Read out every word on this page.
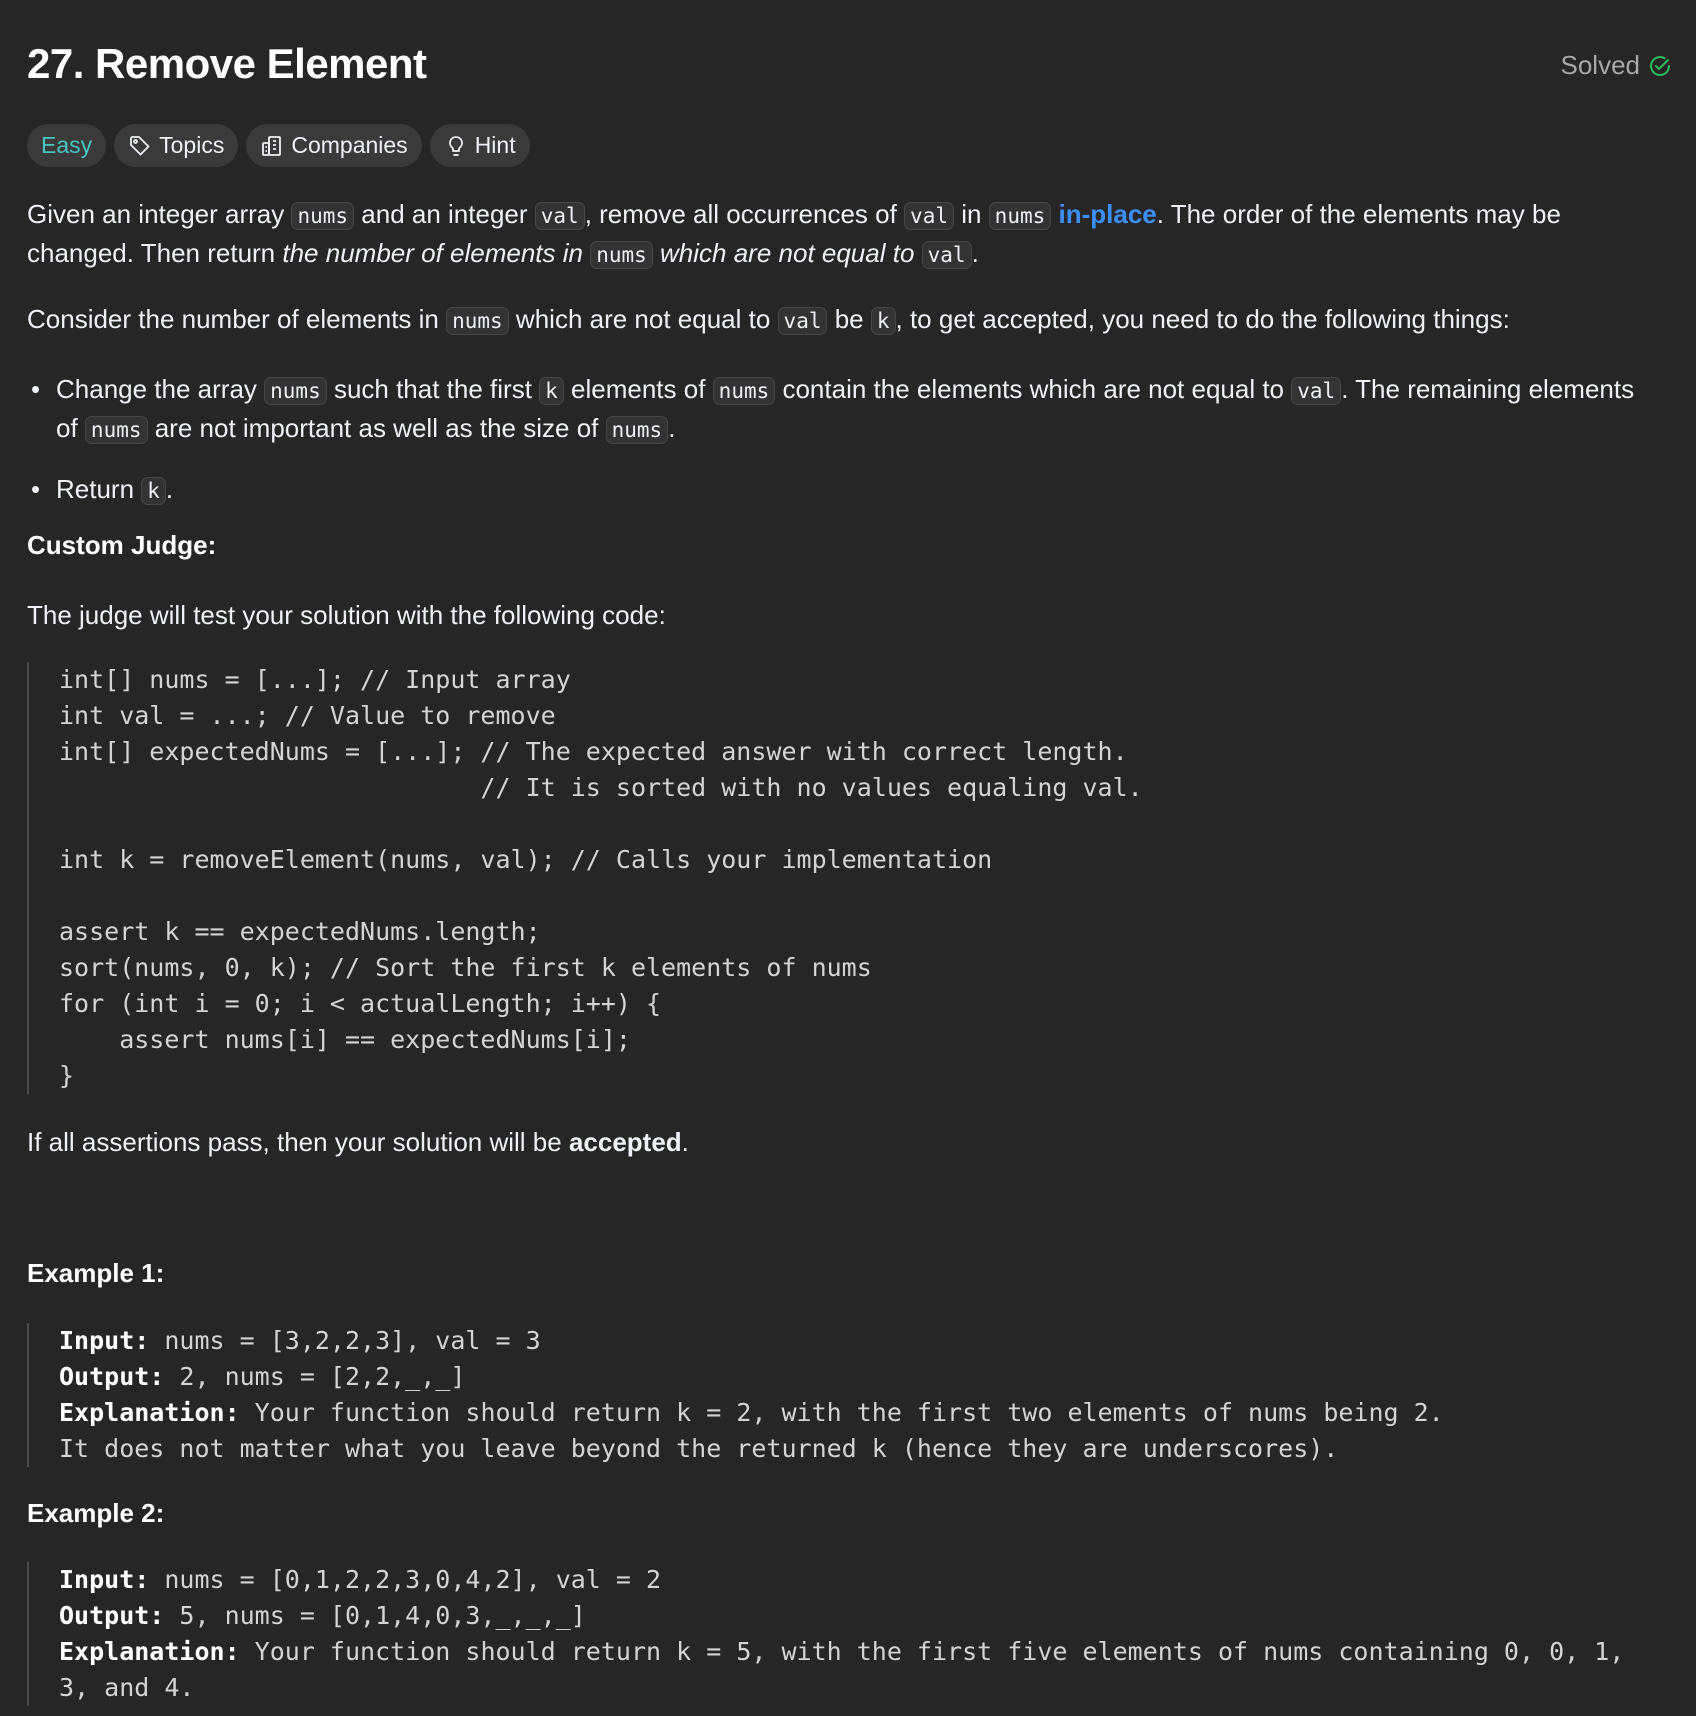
27. Remove Element	Solved
Easy	Topics	Companies	Hint
Given an integer array nums and an integer val , remove all occurrences of val in nums in-place. The order of the elements may be
changed. Then return the number of elements in nums which are not equal to val .
Consider the number of elements in nums which are not equal to val be k , to get accepted, you need to do the following things:
• Change the array nums such that the first k elements of nums contain the elements which are not equal to val . The remaining elements
of nums are not important as well as the size of nums .
• Return k .
Custom Judge:
The judge will test your solution with the following code:
int[] nums = [...]; // Input array
int val = ...; // Value to remove
int[] expectedNums = [...]; // The expected answer with correct length.
// It is sorted with no values equaling val.

int k = removeElement(nums, val); // Calls your implementation

assert k == expectedNums.length;
sort(nums, 0, k); // Sort the first k elements of nums
for (int i = 0; i < actualLength; i++) {
assert nums[i] == expectedNums[i];
}
If all assertions pass, then your solution will be accepted.
Example 1:
Input: nums = [3,2,2,3], val = 3
Output: 2, nums = [2,2,_,_]
Explanation: Your function should return k = 2, with the first two elements of nums being 2.
It does not matter what you leave beyond the returned k (hence they are underscores).
Example 2:
Input: nums = [0,1,2,2,3,0,4,2], val = 2
Output: 5, nums = [0,1,4,0,3,_,_,_]
Explanation: Your function should return k = 5, with the first five elements of nums containing 0, 0, 1,
3, and 4.
